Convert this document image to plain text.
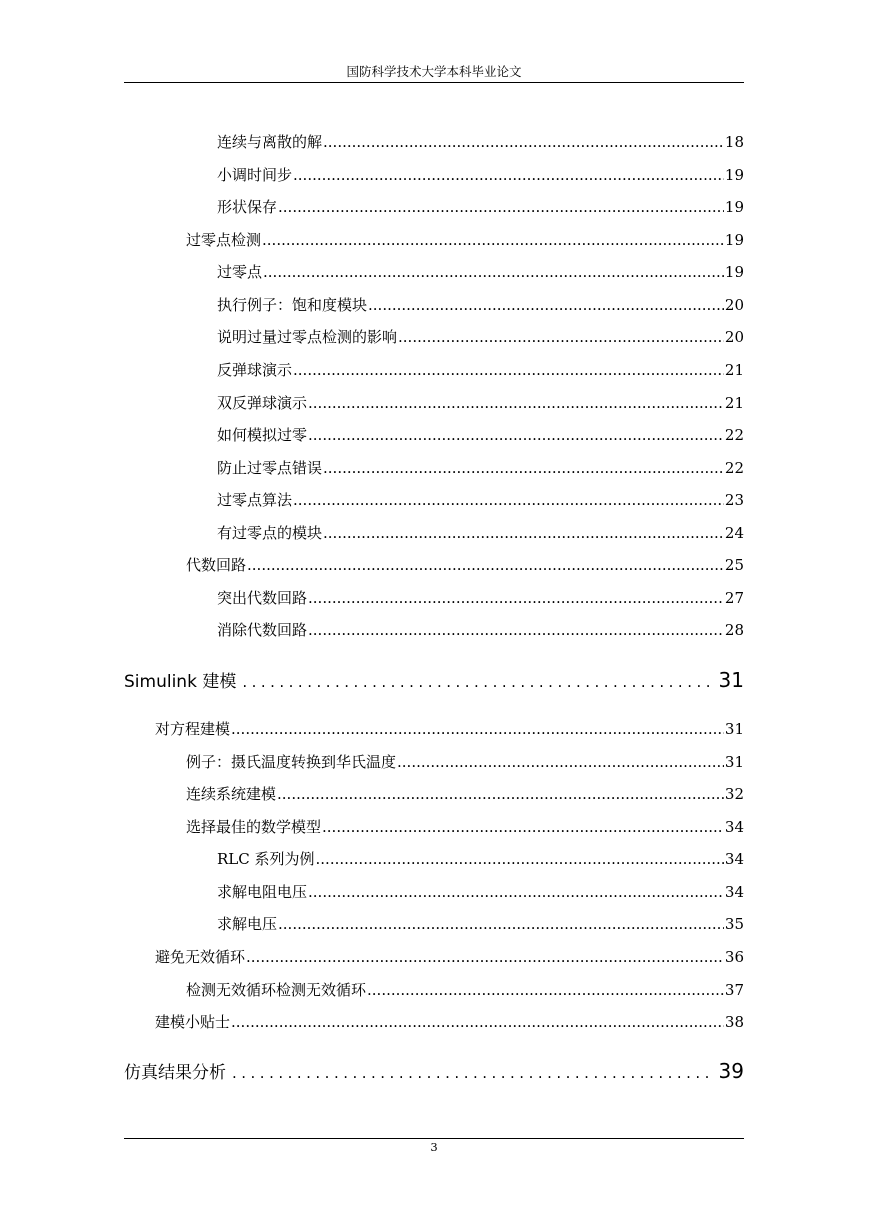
国防科学技术大学本科毕业论文
连续与离散的解 .....	18
小调时间步 .....	19
形状保存 .....	19
过零点检测 .....	19
过零点 .....	19
执行例子：饱和度模块 .....	20
说明过量过零点检测的影响 .....	20
反弹球演示 .....	21
双反弹球演示 .....	21
如何模拟过零 .....	22
防止过零点错误 .....	22
过零点算法 .....	23
有过零点的模块 .....	24
代数回路 .....	25
突出代数回路 .....	27
消除代数回路 .....	28
Simulink 建模 .....	31
对方程建模 .....	31
例子：摄氏温度转换到华氏温度 .....	31
连续系统建模 .....	32
选择最佳的数学模型 .....	34
RLC 系列为例 .....	34
求解电阻电压 .....	34
求解电压 .....	35
避免无效循环 .....	36
检测无效循环检测无效循环 .....	37
建模小贴士 .....	38
仿真结果分析 .....	39
3
